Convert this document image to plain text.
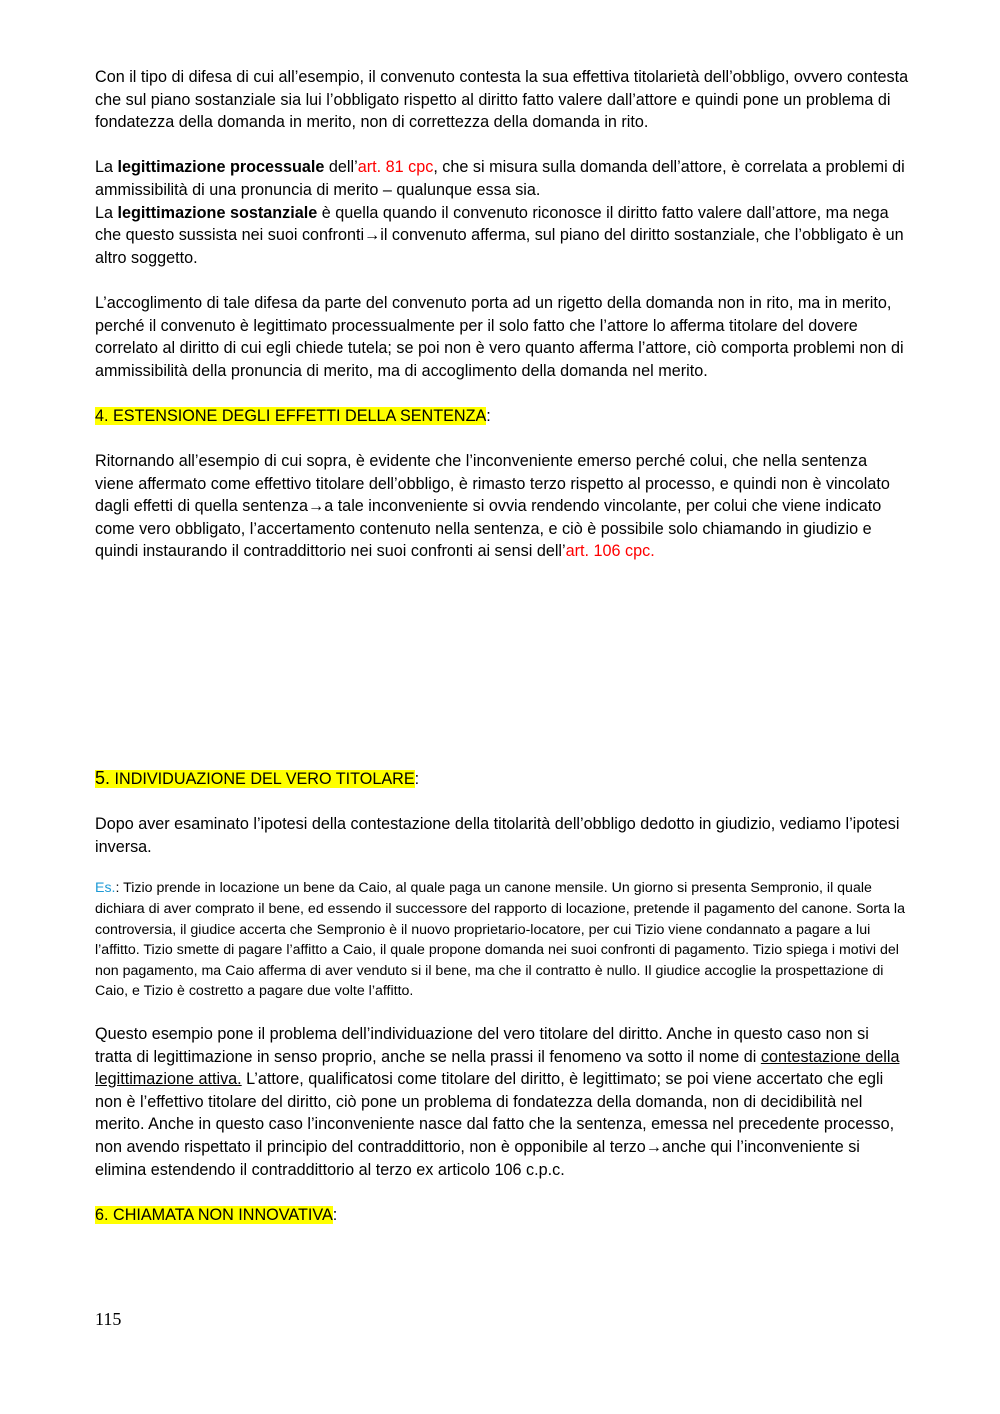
Con il tipo di difesa di cui all’esempio, il convenuto contesta la sua effettiva titolarietà dell’obbligo, ovvero contesta che sul piano sostanziale sia lui l’obbligato rispetto al diritto fatto valere dall’attore e quindi pone un problema di fondatezza della domanda in merito, non di correttezza della domanda in rito.

La legittimazione processuale dell’art. 81 cpc, che si misura sulla domanda dell’attore, è correlata a problemi di ammissibilità di una pronuncia di merito – qualunque essa sia.

La legittimazione sostanziale è quella quando il convenuto riconosce il diritto fatto valere dall’attore, ma nega che questo sussista nei suoi confronti→il convenuto afferma, sul piano del diritto sostanziale, che l’obbligato è un altro soggetto.

L’accoglimento di tale difesa da parte del convenuto porta ad un rigetto della domanda non in rito, ma in merito, perché il convenuto è legittimato processualmente per il solo fatto che l’attore lo afferma titolare del dovere correlato al diritto di cui egli chiede tutela; se poi non è vero quanto afferma l’attore, ciò comporta problemi non di ammissibilità della pronuncia di merito, ma di accoglimento della domanda nel merito.

4. ESTENSIONE DEGLI EFFETTI DELLA SENTENZA:

Ritornando all’esempio di cui sopra, è evidente che l’inconveniente emerso perché colui, che nella sentenza viene affermato come effettivo titolare dell’obbligo, è rimasto terzo rispetto al processo, e quindi non è vincolato dagli effetti di quella sentenza→a tale inconveniente si ovvia rendendo vincolante, per colui che viene indicato come vero obbligato, l’accertamento contenuto nella sentenza, e ciò è possibile solo chiamando in giudizio e quindi instaurando il contraddittorio nei suoi confronti ai sensi dell’art. 106 cpc.

5. INDIVIDUAZIONE DEL VERO TITOLARE:

Dopo aver esaminato l’ipotesi della contestazione della titolarità dell’obbligo dedotto in giudizio, vediamo l’ipotesi inversa.

Es.: Tizio prende in locazione un bene da Caio, al quale paga un canone mensile. Un giorno si presenta Sempronio, il quale dichiara di aver comprato il bene, ed essendo il successore del rapporto di locazione, pretende il pagamento del canone. Sorta la controversia, il giudice accerta che Sempronio è il nuovo proprietario-locatore, per cui Tizio viene condannato a pagare a lui l’affitto. Tizio smette di pagare l’affitto a Caio, il quale propone domanda nei suoi confronti di pagamento. Tizio spiega i motivi del non pagamento, ma Caio afferma di aver venduto si il bene, ma che il contratto è nullo. Il giudice accoglie la prospettazione di Caio, e Tizio è costretto a pagare due volte l’affitto.

Questo esempio pone il problema dell’individuazione del vero titolare del diritto. Anche in questo caso non si tratta di legittimazione in senso proprio, anche se nella prassi il fenomeno va sotto il nome di contestazione della legittimazione attiva. L’attore, qualificatosi come titolare del diritto, è legittimato; se poi viene accertato che egli non è l’effettivo titolare del diritto, ciò pone un problema di fondatezza della domanda, non di decidibilità nel merito. Anche in questo caso l’inconveniente nasce dal fatto che la sentenza, emessa nel precedente processo, non avendo rispettato il principio del contraddittorio, non è opponibile al terzo→anche qui l’inconveniente si elimina estendendo il contraddittorio al terzo ex articolo 106 c.p.c.

6. CHIAMATA NON INNOVATIVA:

115
